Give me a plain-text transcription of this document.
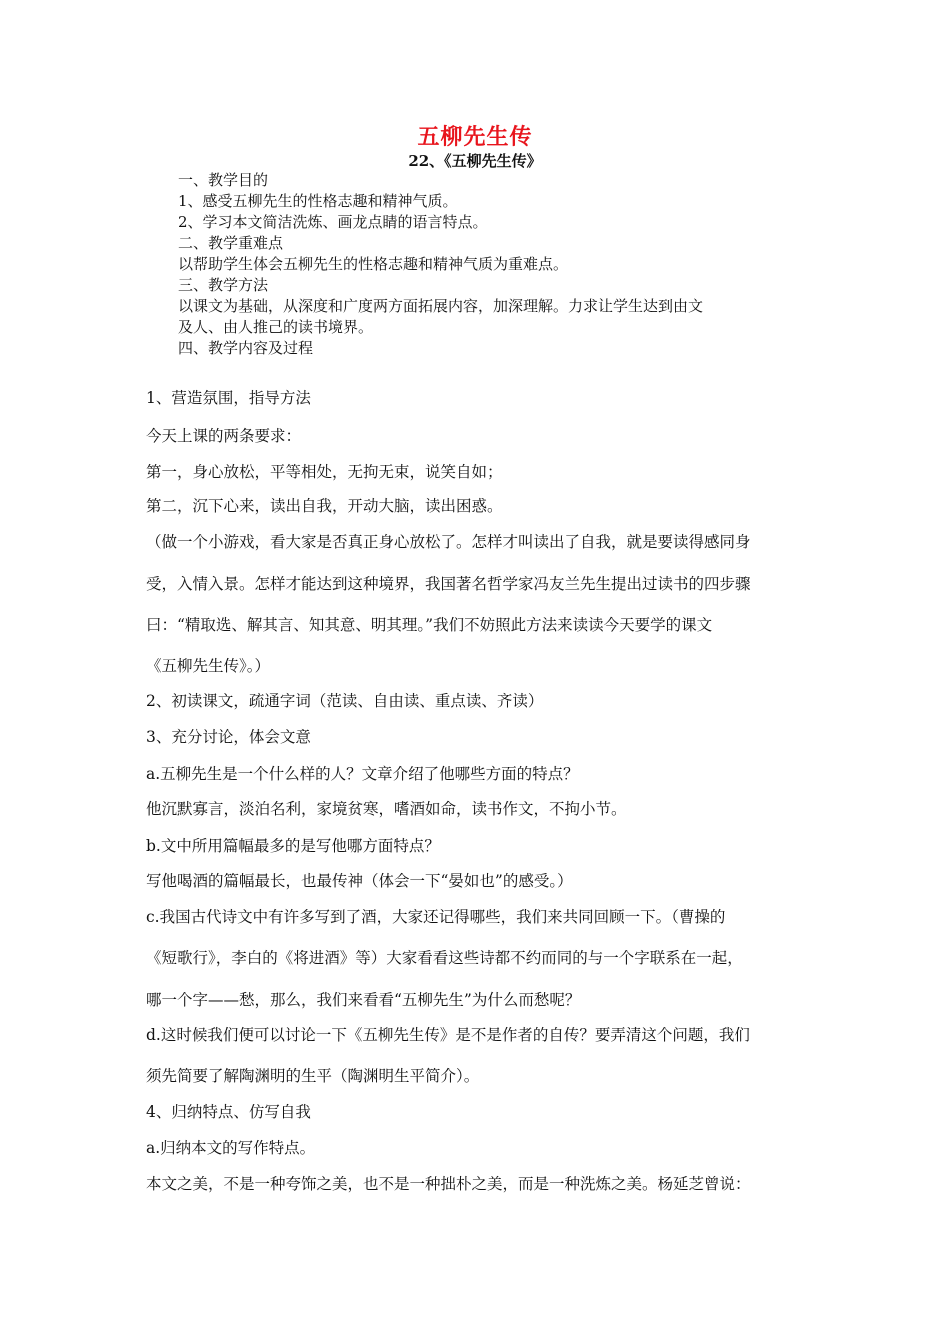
五柳先生传
22、《五柳先生传》
一、教学目的
1、感受五柳先生的性格志趣和精神气质。
2、学习本文简洁洗炼、画龙点睛的语言特点。
二、教学重难点
以帮助学生体会五柳先生的性格志趣和精神气质为重难点。
三、教学方法
以课文为基础，从深度和广度两方面拓展内容，加深理解。力求让学生达到由文
及人、由人推己的读书境界。
四、教学内容及过程
1、营造氛围，指导方法
今天上课的两条要求：
第一，身心放松，平等相处，无拘无束，说笑自如；
第二，沉下心来，读出自我，开动大脑，读出困惑。
（做一个小游戏，看大家是否真正身心放松了。怎样才叫读出了自我，就是要读得感同身
受，入情入景。怎样才能达到这种境界，我国著名哲学家冯友兰先生提出过读书的四步骤
曰：“精取选、解其言、知其意、明其理。”我们不妨照此方法来读读今天要学的课文
《五柳先生传》。）
2、初读课文，疏通字词（范读、自由读、重点读、齐读）
3、充分讨论，体会文意
a.五柳先生是一个什么样的人？文章介绍了他哪些方面的特点？
他沉默寡言，淡泊名利，家境贫寒，嗜酒如命，读书作文，不拘小节。
b.文中所用篇幅最多的是写他哪方面特点？
写他喝酒的篇幅最长，也最传神（体会一下“晏如也”的感受。）
c.我国古代诗文中有许多写到了酒，大家还记得哪些，我们来共同回顾一下。（曹操的
《短歌行》，李白的《将进酒》等）大家看看这些诗都不约而同的与一个字联系在一起，
哪一个字——愁，那么，我们来看看“五柳先生”为什么而愁呢？
d.这时候我们便可以讨论一下《五柳先生传》是不是作者的自传？要弄清这个问题，我们
须先简要了解陶渊明的生平（陶渊明生平简介）。
4、归纳特点、仿写自我
a.归纳本文的写作特点。
本文之美，不是一种夸饰之美，也不是一种拙朴之美，而是一种洗炼之美。杨延芝曾说：
